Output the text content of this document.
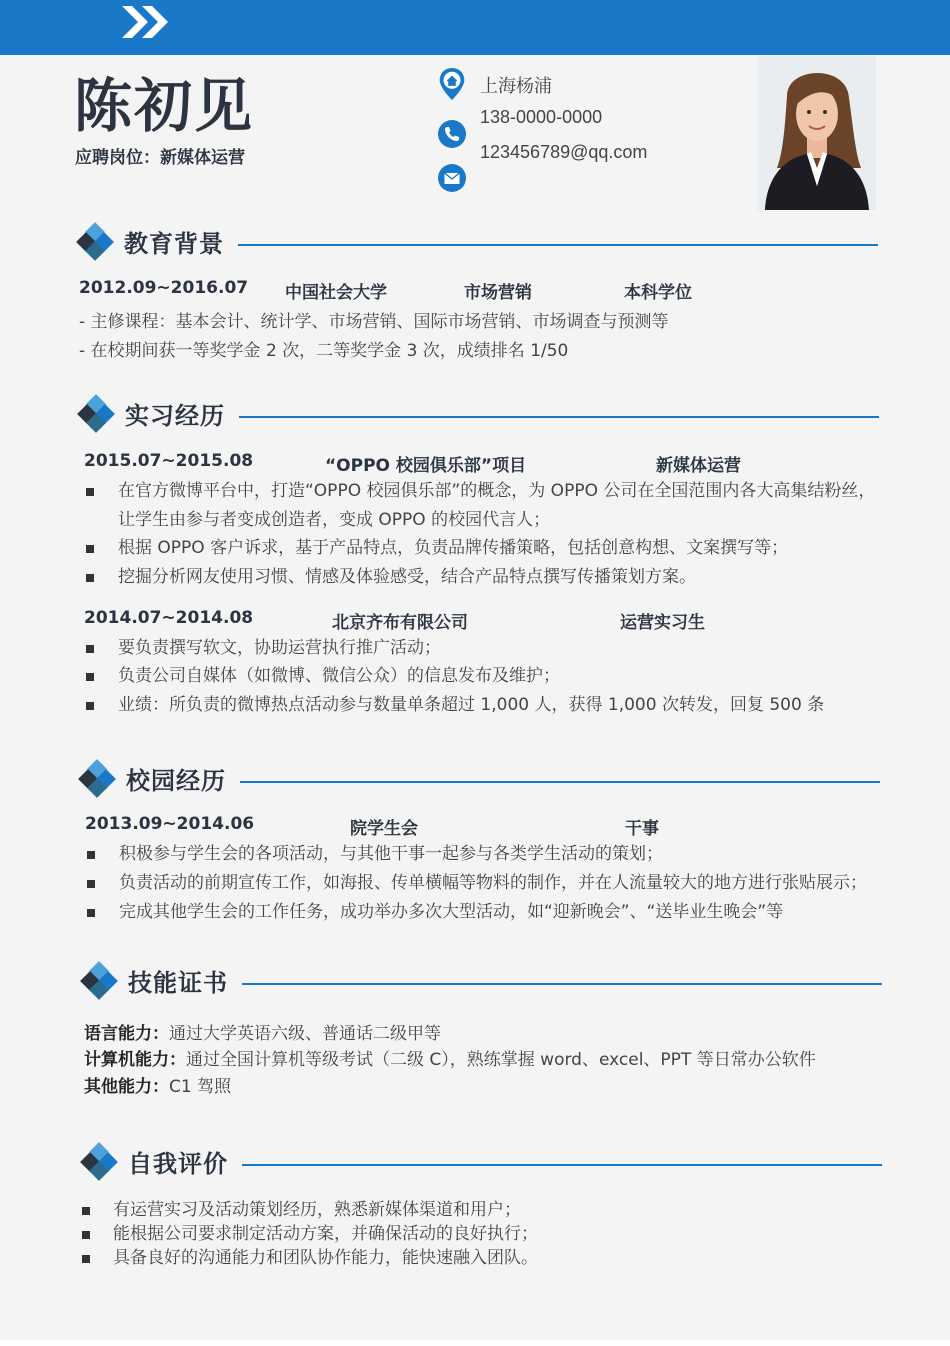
陈初见
应聘岗位：新媒体运营
上海杨浦
138-0000-0000
123456789@qq.com
教育背景
2012.09~2016.07 中国社会大学	市场营销	本科学位
- 主修课程：基本会计、统计学、市场营销、国际市场营销、市场调查与预测等
- 在校期间获一等奖学金 2 次，二等奖学金 3 次，成绩排名 1/50
实习经历
2015.07~2015.08	“OPPO 校园俱乐部”项目	新媒体运营
在官方微博平台中，打造“OPPO 校园俱乐部”的概念，为 OPPO 公司在全国范围内各大高集结粉丝，让学生由参与者变成创造者，变成 OPPO 的校园代言人；
根据 OPPO 客户诉求，基于产品特点，负责品牌传播策略，包括创意构想、文案撰写等；
挖掘分析网友使用习惯、情感及体验感受，结合产品特点撰写传播策划方案。
2014.07~2014.08	北京齐布有限公司	运营实习生
要负责撰写软文，协助运营执行推广活动；
负责公司自媒体（如微博、微信公众）的信息发布及维护；
业绩：所负责的微博热点活动参与数量单条超过 1,000 人，获得 1,000 次转发，回复 500 条
校园经历
2013.09~2014.06	院学生会	干事
积极参与学生会的各项活动，与其他干事一起参与各类学生活动的策划；
负责活动的前期宣传工作，如海报、传单横幅等物料的制作，并在人流量较大的地方进行张贴展示；
完成其他学生会的工作任务，成功举办多次大型活动，如“迎新晚会”、“送毕业生晚会”等
技能证书
语言能力：通过大学英语六级、普通话二级甲等
计算机能力：通过全国计算机等级考试（二级 C），熟练掌握 word、excel、PPT 等日常办公软件
其他能力：C1 驾照
自我评价
有运营实习及活动策划经历，熟悉新媒体渠道和用户；
能根据公司要求制定活动方案，并确保活动的良好执行；
具备良好的沟通能力和团队协作能力，能快速融入团队。
